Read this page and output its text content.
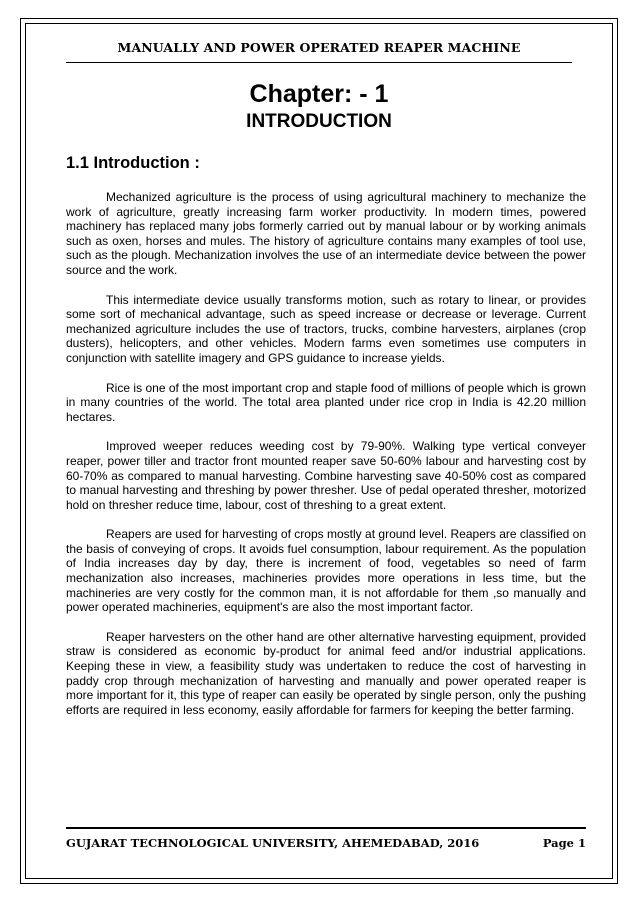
MANUALLY AND POWER OPERATED REAPER MACHINE
Chapter: - 1
INTRODUCTION
1.1 Introduction :

Mechanized agriculture is the process of using agricultural machinery to mechanize the work of agriculture, greatly increasing farm worker productivity. In modern times, powered machinery has replaced many jobs formerly carried out by manual labour or by working animals such as oxen, horses and mules. The history of agriculture contains many examples of tool use, such as the plough. Mechanization involves the use of an intermediate device between the power source and the work.

This intermediate device usually transforms motion, such as rotary to linear, or provides some sort of mechanical advantage, such as speed increase or decrease or leverage. Current mechanized agriculture includes the use of tractors, trucks, combine harvesters, airplanes (crop dusters), helicopters, and other vehicles. Modern farms even sometimes use computers in conjunction with satellite imagery and GPS guidance to increase yields.

Rice is one of the most important crop and staple food of millions of people which is grown in many countries of the world. The total area planted under rice crop in India is 42.20 million hectares.

Improved weeper reduces weeding cost by 79-90%. Walking type vertical conveyer reaper, power tiller and tractor front mounted reaper save 50-60% labour and harvesting cost by 60-70% as compared to manual harvesting. Combine harvesting save 40-50% cost as compared to manual harvesting and threshing by power thresher. Use of pedal operated thresher, motorized hold on thresher reduce time, labour, cost of threshing to a great extent.

Reapers are used for harvesting of crops mostly at ground level. Reapers are classified on the basis of conveying of crops. It avoids fuel consumption, labour requirement. As the population of India increases day by day, there is increment of food, vegetables so need of farm mechanization also increases, machineries provides more operations in less time, but the machineries are very costly for the common man, it is not affordable for them ,so manually and power operated machineries, equipment's are also the most important factor.

Reaper harvesters on the other hand are other alternative harvesting equipment, provided straw is considered as economic by-product for animal feed and/or industrial applications. Keeping these in view, a feasibility study was undertaken to reduce the cost of harvesting in paddy crop through mechanization of harvesting and manually and power operated reaper is more important for it, this type of reaper can easily be operated by single person, only the pushing efforts are required in less economy, easily affordable for farmers for keeping the better farming.

GUJARAT TECHNOLOGICAL UNIVERSITY, AHEMEDABAD, 2016	Page 1
